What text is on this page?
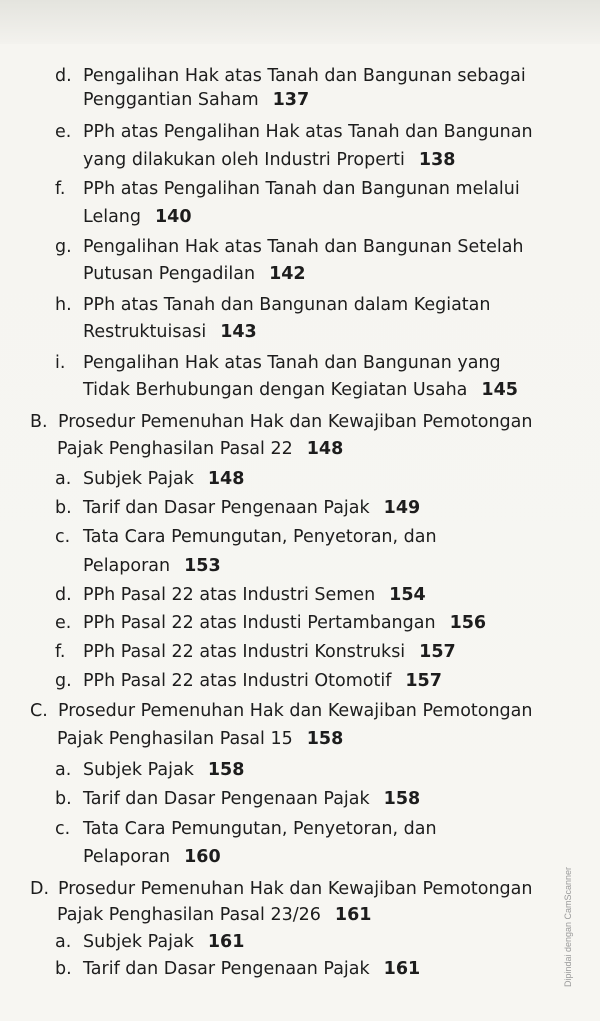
d. Pengalihan Hak atas Tanah dan Bangunan sebagai
Penggantian Saham 137
e. PPh atas Pengalihan Hak atas Tanah dan Bangunan
yang dilakukan oleh Industri Properti 138
f. PPh atas Pengalihan Tanah dan Bangunan melalui
Lelang 140
g. Pengalihan Hak atas Tanah dan Bangunan Setelah
Putusan Pengadilan 142
h. PPh atas Tanah dan Bangunan dalam Kegiatan
Restruktuisasi 143
i. Pengalihan Hak atas Tanah dan Bangunan yang
Tidak Berhubungan dengan Kegiatan Usaha 145
B. Prosedur Pemenuhan Hak dan Kewajiban Pemotongan
Pajak Penghasilan Pasal 22 148
a. Subjek Pajak 148
b. Tarif dan Dasar Pengenaan Pajak 149
c. Tata Cara Pemungutan, Penyetoran, dan
Pelaporan 153
d. PPh Pasal 22 atas Industri Semen 154
e. PPh Pasal 22 atas Industi Pertambangan 156
f. PPh Pasal 22 atas Industri Konstruksi 157
g. PPh Pasal 22 atas Industri Otomotif 157
C. Prosedur Pemenuhan Hak dan Kewajiban Pemotongan
Pajak Penghasilan Pasal 15 158
a. Subjek Pajak 158
b. Tarif dan Dasar Pengenaan Pajak 158
c. Tata Cara Pemungutan, Penyetoran, dan
Pelaporan 160
D. Prosedur Pemenuhan Hak dan Kewajiban Pemotongan
Pajak Penghasilan Pasal 23/26 161
a. Subjek Pajak 161
b. Tarif dan Dasar Pengenaan Pajak 161	Dipindai dengan CamScanner
